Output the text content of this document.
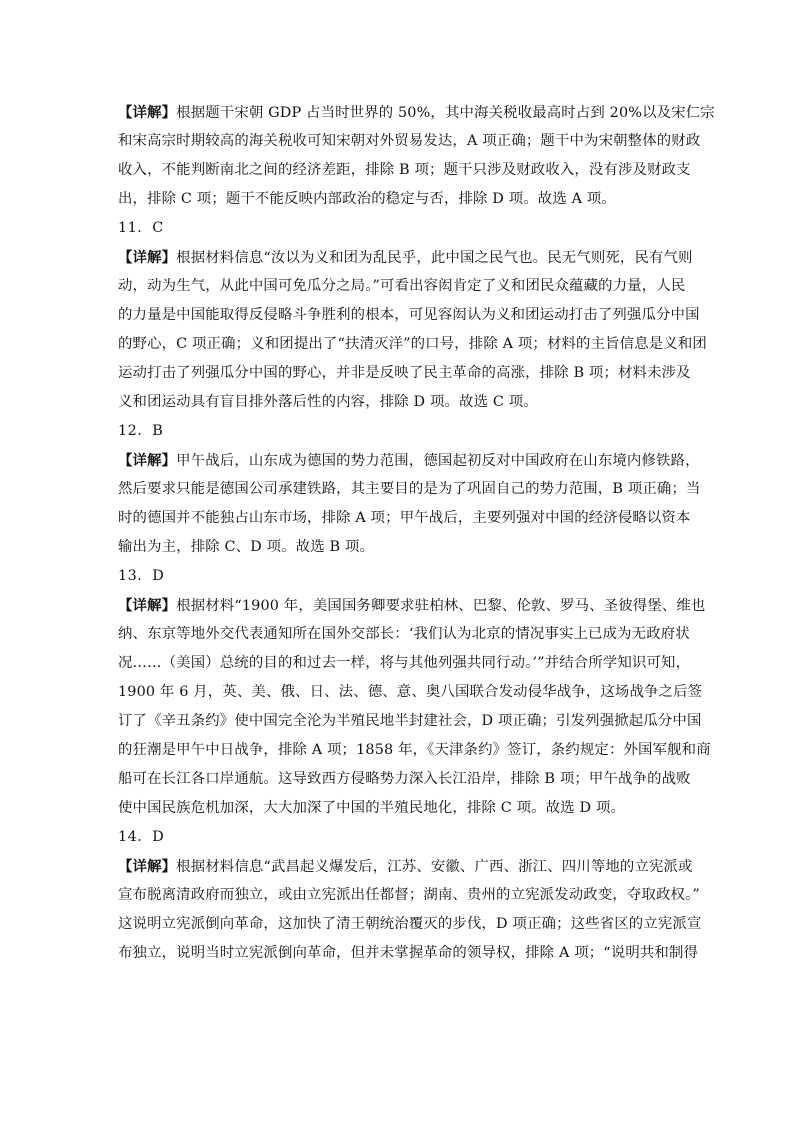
【详解】根据题干宋朝 GDP 占当时世界的 50%，其中海关税收最高时占到 20%以及宋仁宗
和宋高宗时期较高的海关税收可知宋朝对外贸易发达，A 项正确；题干中为宋朝整体的财政
收入，不能判断南北之间的经济差距，排除 B 项；题干只涉及财政收入，没有涉及财政支
出，排除 C 项；题干不能反映内部政治的稳定与否，排除 D 项。故选 A 项。
11．C
【详解】根据材料信息“汝以为义和团为乱民乎，此中国之民气也。民无气则死，民有气则
动，动为生气，从此中国可免瓜分之局。”可看出容闳肯定了义和团民众蕴藏的力量，人民
的力量是中国能取得反侵略斗争胜利的根本，可见容闳认为义和团运动打击了列强瓜分中国
的野心，C 项正确；义和团提出了“扶清灭洋”的口号，排除 A 项；材料的主旨信息是义和团
运动打击了列强瓜分中国的野心，并非是反映了民主革命的高涨，排除 B 项；材料未涉及
义和团运动具有盲目排外落后性的内容，排除 D 项。故选 C 项。
12．B
【详解】甲午战后，山东成为德国的势力范围，德国起初反对中国政府在山东境内修铁路，
然后要求只能是德国公司承建铁路，其主要目的是为了巩固自己的势力范围，B 项正确；当
时的德国并不能独占山东市场，排除 A 项；甲午战后，主要列强对中国的经济侵略以资本
输出为主，排除 C、D 项。故选 B 项。
13．D
【详解】根据材料“1900 年，美国国务卿要求驻柏林、巴黎、伦敦、罗马、圣彼得堡、维也
纳、东京等地外交代表通知所在国外交部长：‘我们认为北京的情况事实上已成为无政府状
况……（美国）总统的目的和过去一样，将与其他列强共同行动。’”并结合所学知识可知，
1900 年 6 月，英、美、俄、日、法、德、意、奥八国联合发动侵华战争，这场战争之后签
订了《辛丑条约》使中国完全沦为半殖民地半封建社会，D 项正确；引发列强掀起瓜分中国
的狂潮是甲午中日战争，排除 A 项；1858 年，《天津条约》签订，条约规定：外国军舰和商
船可在长江各口岸通航。这导致西方侵略势力深入长江沿岸，排除 B 项；甲午战争的战败
使中国民族危机加深，大大加深了中国的半殖民地化，排除 C 项。故选 D 项。
14．D
【详解】根据材料信息“武昌起义爆发后，江苏、安徽、广西、浙江、四川等地的立宪派或
宣布脱离清政府而独立，或由立宪派出任都督；湖南、贵州的立宪派发动政变，夺取政权。”
这说明立宪派倒向革命，这加快了清王朝统治覆灭的步伐，D 项正确；这些省区的立宪派宣
布独立，说明当时立宪派倒向革命，但并未掌握革命的领导权，排除 A 项；“说明共和制得
